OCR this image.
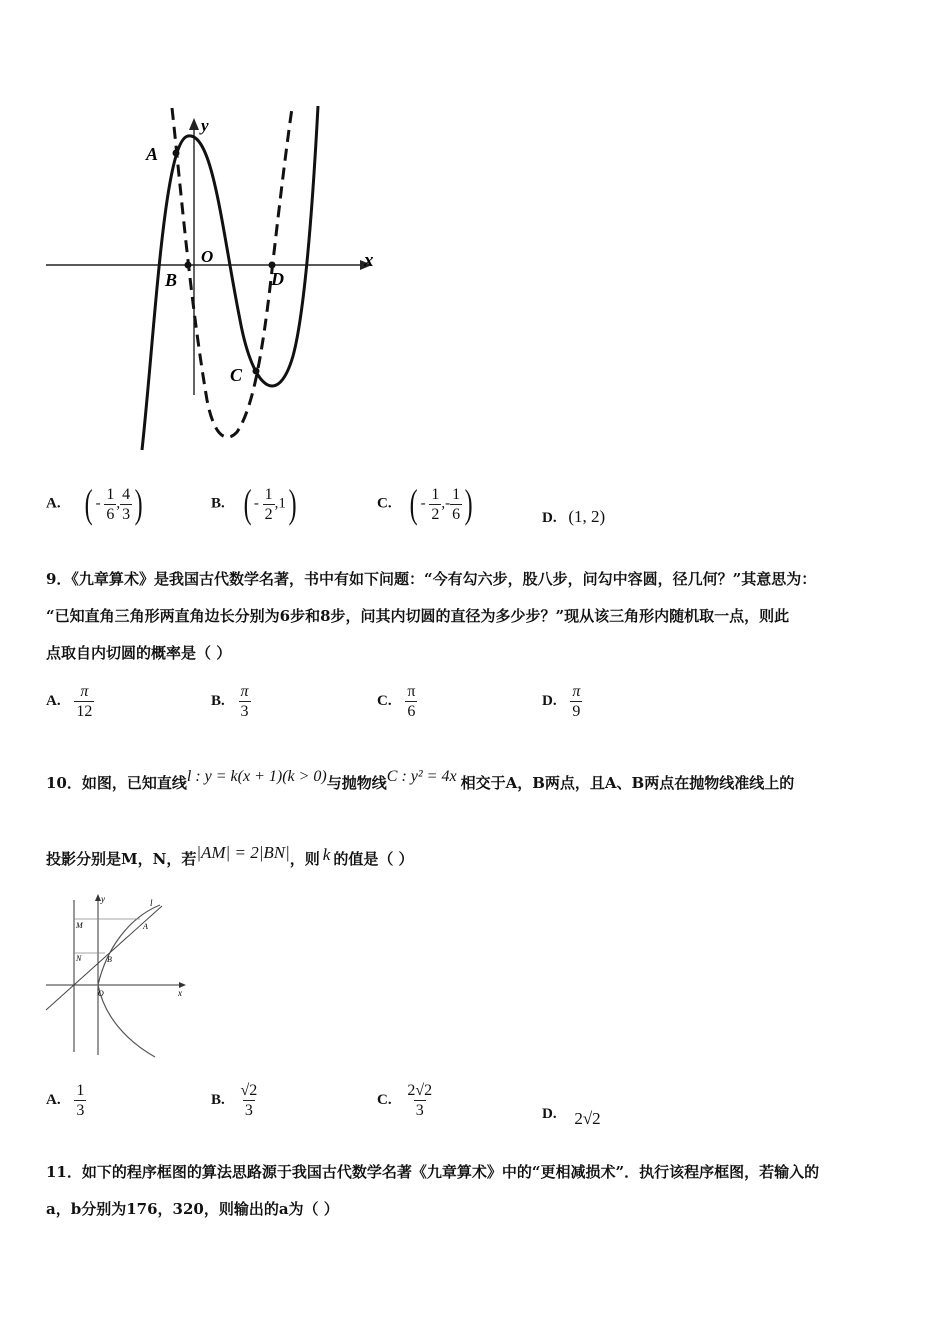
y
x
O
A
B	D
C
A. ( - $\frac{1}{6}$ , $\frac{4}{3}$ )	B. ( - $\frac{1}{2} ,1$)	C. ( - $\frac{1}{2}$ ,- $\frac{1}{6}$ )	D. (1, 2)
9．《九章算术》是我国古代数学名著，书中有如下问题：“今有勾六步，股八步，问勾中容圆，径几何？”其意思为：
“已知直角三角形两直角边长分别为6步和8步，问其内切圆的直径为多少步？”现从该三角形内随机取一点，则此
点取自内切圆的概率是（ ）
A. $\frac{\pi}{12}$	B. $\frac{\pi}{3}$	C. $\frac{\pi}{6}$	D. $\frac{\pi}{9}$
10．如图，已知直线l : y = k(x + 1)(k > 0)与抛物线C : y² = 4x 相交于A，B两点，且A、B两点在抛物线准线上的
投影分别是M，N，若|AM| = 2|BN|，则 k 的值是（ ）
y
x
O
M
N
A
B
l
A. $\frac{1}{3}$	B. $\frac{√2}{3}$	C. $\frac{2√2}{3}$	D. 2√2
11．如下的程序框图的算法思路源于我国古代数学名著《九章算术》中的“更相减损术”．执行该程序框图，若输入的
a，b分别为176，320，则输出的a为（ ）
